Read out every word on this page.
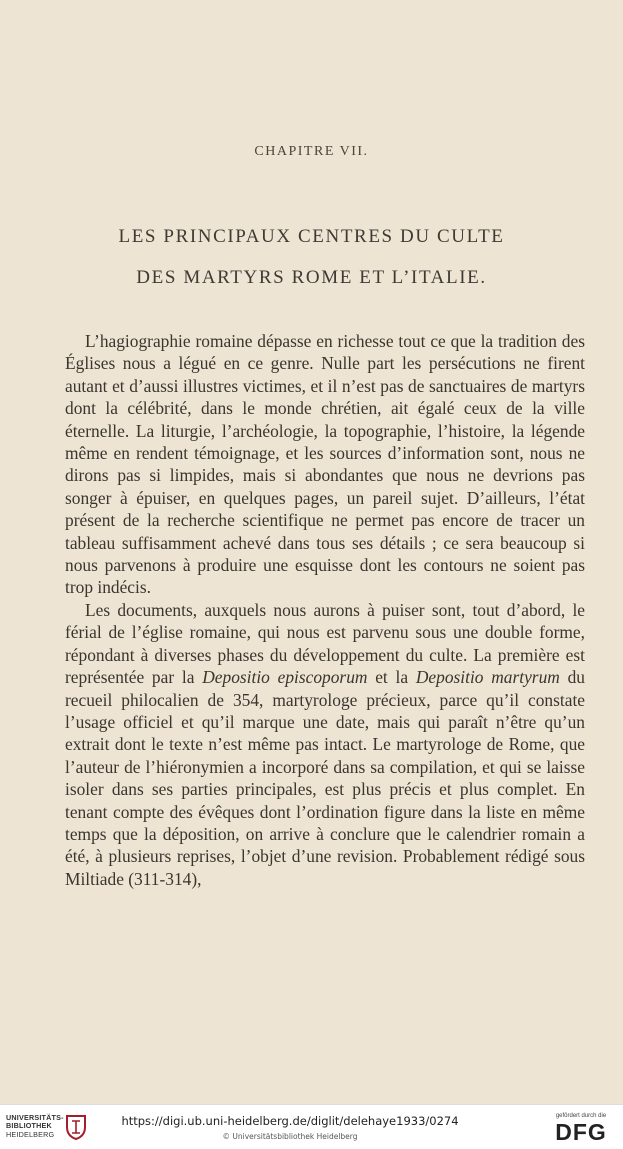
CHAPITRE VII.
LES PRINCIPAUX CENTRES DU CULTE
DES MARTYRS ROME ET L’ITALIE.

L’hagiographie romaine dépasse en richesse tout ce que la tradition des Églises nous a légué en ce genre. Nulle part les persécutions ne firent autant et d’aussi illustres victimes, et il n’est pas de sanctuaires de martyrs dont la célébrité, dans le monde chrétien, ait égalé ceux de la ville éternelle. La liturgie, l’archéologie, la topographie, l’histoire, la légende même en rendent témoignage, et les sources d’information sont, nous ne dirons pas si limpides, mais si abondantes que nous ne devrions pas songer à épuiser, en quelques pages, un pareil sujet. D’ailleurs, l’état présent de la recherche scientifique ne permet pas encore de tracer un tableau suffisamment achevé dans tous ses détails ; ce sera beaucoup si nous parvenons à produire une esquisse dont les contours ne soient pas trop indécis.

Les documents, auxquels nous aurons à puiser sont, tout d’abord, le férial de l’église romaine, qui nous est parvenu sous une double forme, répondant à diverses phases du développement du culte. La première est représentée par la Depositio episcoporum et la Depositio martyrum du recueil philocalien de 354, martyrologe précieux, parce qu’il constate l’usage officiel et qu’il marque une date, mais qui paraît n’être qu’un extrait dont le texte n’est même pas intact. Le martyrologe de Rome, que l’auteur de l’hiéronymien a incorporé dans sa compilation, et qui se laisse isoler dans ses parties principales, est plus précis et plus complet. En tenant compte des évêques dont l’ordination figure dans la liste en même temps que la déposition, on arrive à conclure que le calendrier romain a été, à plusieurs reprises, l’objet d’une revision. Probablement rédigé sous Miltiade (311-314),

UNIVERSITÄTS-
BIBLIOTHEK
HEIDELBERG
https://digi.ub.uni-heidelberg.de/diglit/delehaye1933/0274
© Universitätsbibliothek Heidelberg
gefördert durch die
DFG
